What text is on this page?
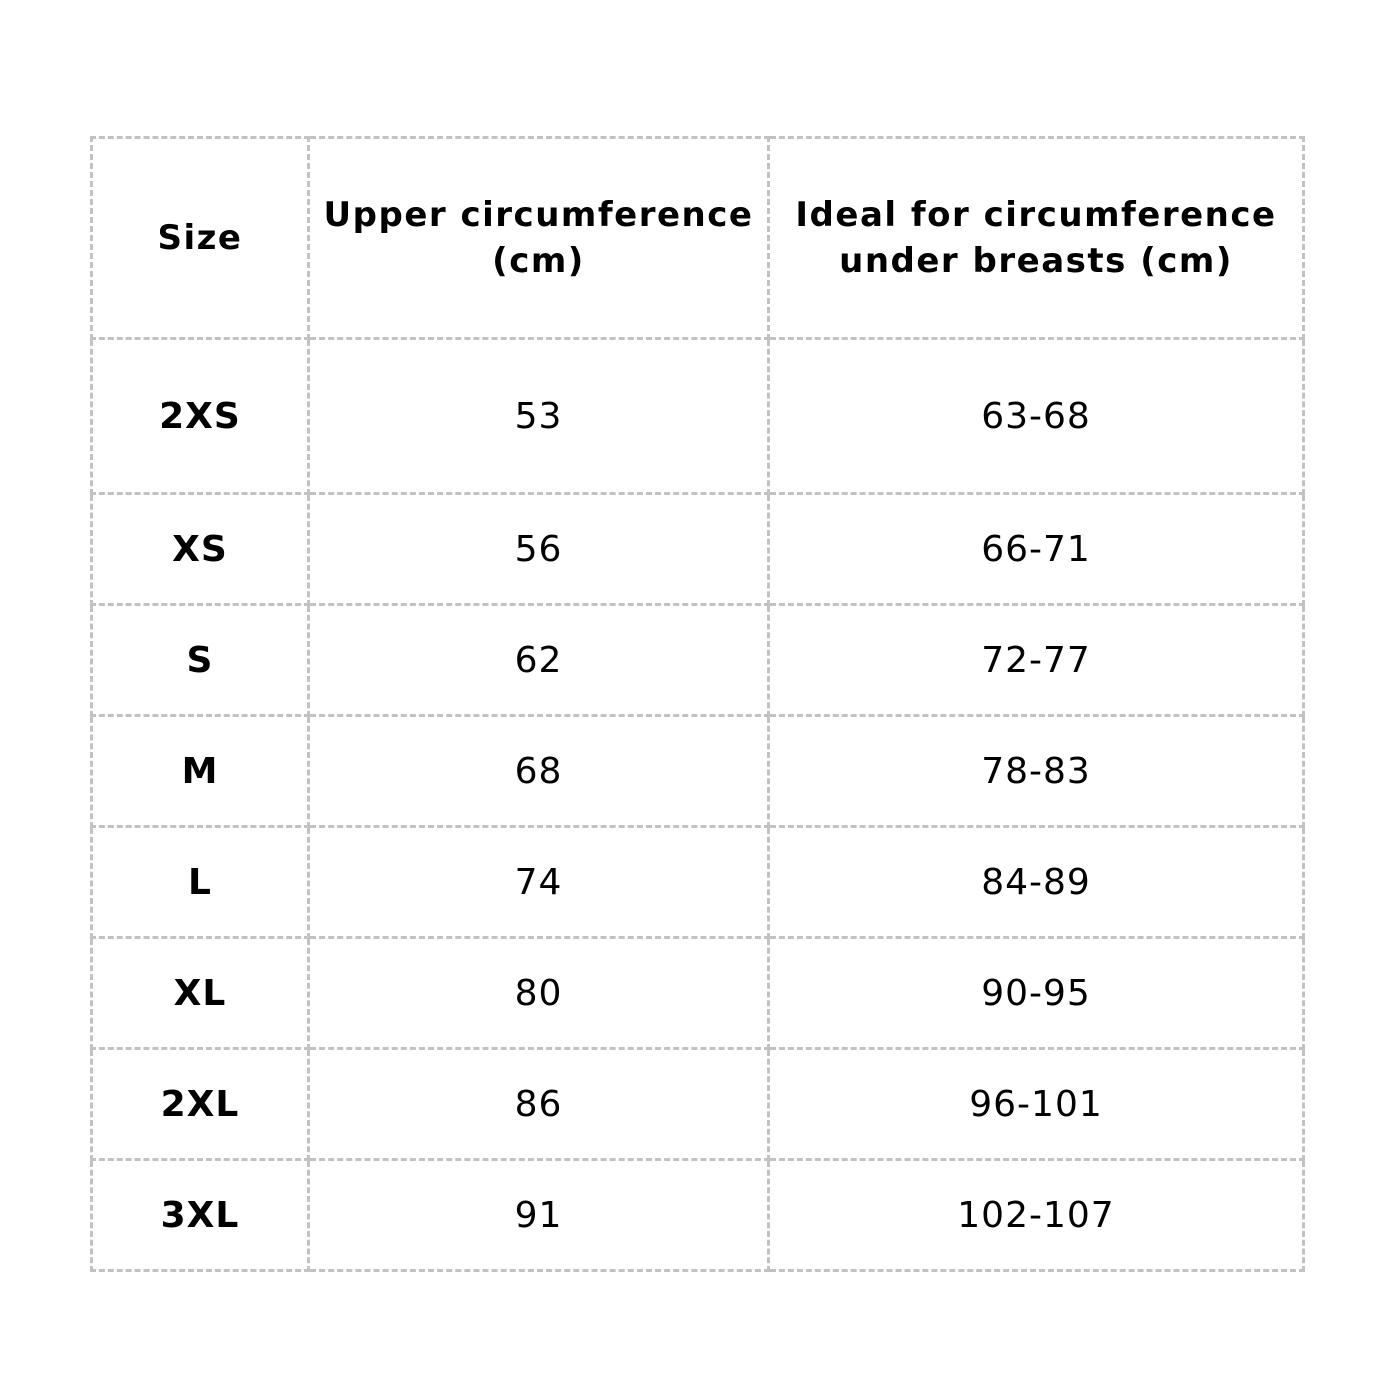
Size	Upper circumference (cm)	Ideal for circumference under breasts (cm)
2XS	53	63-68
XS	56	66-71
S	62	72-77
M	68	78-83
L	74	84-89
XL	80	90-95
2XL	86	96-101
3XL	91	102-107
